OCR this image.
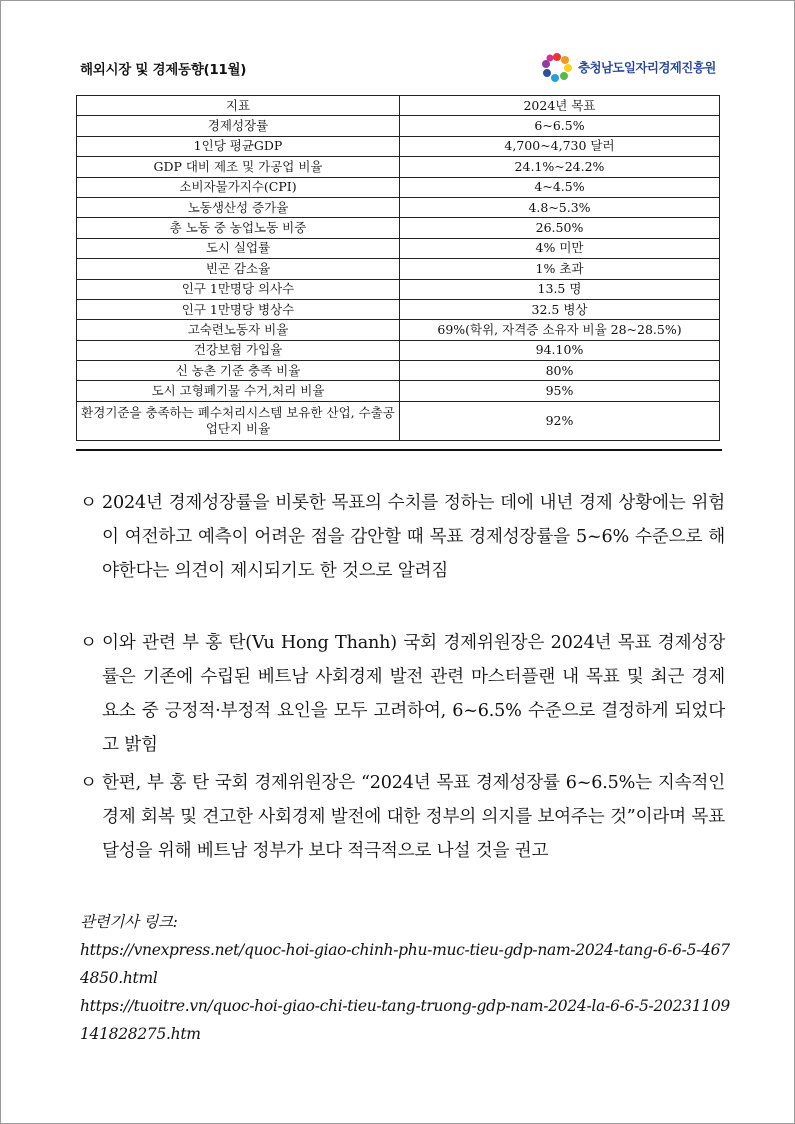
해외시장 및 경제동향(11월)	충청남도일자리경제진흥원
지표	2024년 목표
경제성장률	6~6.5%
1인당 평균GDP	4,700~4,730 달러
GDP 대비 제조 및 가공업 비율	24.1%~24.2%
소비자물가지수(CPI)	4~4.5%
노동생산성 증가율	4.8~5.3%
총 노동 중 농업노동 비중	26.50%
도시 실업률	4% 미만
빈곤 감소율	1% 초과
인구 1만명당 의사수	13.5 명
인구 1만명당 병상수	32.5 병상
고숙련노동자 비율	69%(학위, 자격증 소유자 비율 28~28.5%)
건강보험 가입율	94.10%
신 농촌 기준 충족 비율	80%
도시 고형폐기물 수거,처리 비율	95%
환경기준을 충족하는 폐수처리시스템 보유한 산업, 수출공업단지 비율	92%
ㅇ 2024년 경제성장률을 비롯한 목표의 수치를 정하는 데에 내년 경제 상황에는 위험이 여전하고 예측이 어려운 점을 감안할 때 목표 경제성장률을 5~6% 수준으로 해야한다는 의견이 제시되기도 한 것으로 알려짐
ㅇ 이와 관련 부 홍 탄(Vu Hong Thanh) 국회 경제위원장은 2024년 목표 경제성장률은 기존에 수립된 베트남 사회경제 발전 관련 마스터플랜 내 목표 및 최근 경제 요소 중 긍정적·부정적 요인을 모두 고려하여, 6~6.5% 수준으로 결정하게 되었다고 밝힘
ㅇ 한편, 부 홍 탄 국회 경제위원장은 “2024년 목표 경제성장률 6~6.5%는 지속적인 경제 회복 및 견고한 사회경제 발전에 대한 정부의 의지를 보여주는 것”이라며 목표 달성을 위해 베트남 정부가 보다 적극적으로 나설 것을 권고
관련기사 링크:
https://vnexpress.net/quoc-hoi-giao-chinh-phu-muc-tieu-gdp-nam-2024-tang-6-6-5-4674850.html
https://tuoitre.vn/quoc-hoi-giao-chi-tieu-tang-truong-gdp-nam-2024-la-6-6-5-20231109141828275.htm
